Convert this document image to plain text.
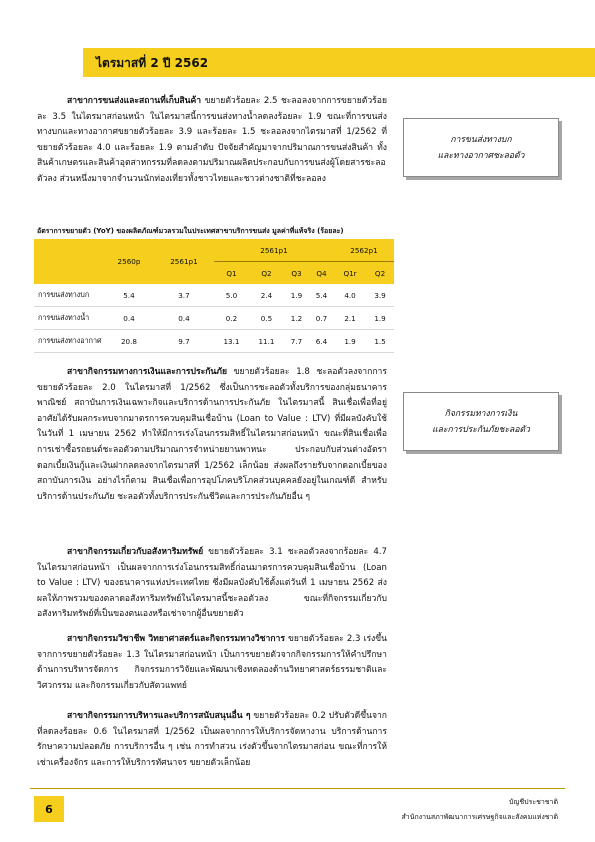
ไตรมาสที่ 2 ปี 2562

สาขาการขนส่งและสถานที่เก็บสินค้า ขยายตัวร้อยละ 2.5 ชะลอลงจากการขยายตัวร้อยละ 3.5 ในไตรมาสก่อนหน้า ในไตรมาสนี้การขนส่งทางน้ำลดลงร้อยละ 1.9 ขณะที่การขนส่งทางบกและทางอากาศขยายตัวร้อยละ 3.9 และร้อยละ 1.5 ชะลอลงจากไตรมาสที่ 1/2562 ที่ขยายตัวร้อยละ 4.0 และร้อยละ 1.9 ตามลำดับ ปัจจัยสำคัญมาจากปริมาณการขนส่งสินค้า ทั้งสินค้าเกษตรและสินค้าอุตสาหกรรมที่ลดลงตามปริมาณผลิตประกอบกับการขนส่งผู้โดยสารชะลอตัวลง ส่วนหนึ่งมาจากจำนวนนักท่องเที่ยวทั้งชาวไทยและชาวต่างชาติที่ชะลอลง

การขนส่งทางบก
และทางอากาศชะลอตัว
อัตราการขยายตัว (YoY) ของผลิตภัณฑ์มวลรวมในประเทศสาขาบริการขนส่ง มูลค่าที่แท้จริง (ร้อยละ)
	2560p	2561p1	2561p1				2562p1	
			Q1	Q2	Q3	Q4	Q1r	Q2
การขนส่งทางบก	5.4	3.7	5.0	2.4	1.9	5.4	4.0	3.9
การขนส่งทางน้ำ	0.4	0.4	0.2	0.5	1.2	0.7	2.1	1.9
การขนส่งทางอากาศ	20.8	9.7	13.1	11.1	7.7	6.4	1.9	1.5

สาขากิจกรรมทางการเงินและการประกันภัย ขยายตัวร้อยละ 1.8 ชะลอตัวลงจากการขยายตัวร้อยละ 2.0 ในไตรมาสที่ 1/2562 ซึ่งเป็นการชะลอตัวทั้งบริการของกลุ่มธนาคารพาณิชย์ สถาบันการเงินเฉพาะกิจและบริการด้านการประกันภัย ในไตรมาสนี้ สินเชื่อเพื่อที่อยู่อาศัยได้รับผลกระทบจากมาตรการควบคุมสินเชื่อบ้าน (Loan to Value : LTV) ที่มีผลบังคับใช้ในวันที่ 1 เมษายน 2562 ทำให้มีการเร่งโอนกรรมสิทธิ์ในไตรมาสก่อนหน้า ขณะที่สินเชื่อเพื่อการเช่าซื้อรถยนต์ชะลอตัวตามปริมาณการจำหน่ายยานพาหนะ ประกอบกับส่วนต่างอัตราดอกเบี้ยเงินกู้และเงินฝากลดลงจากไตรมาสที่ 1/2562 เล็กน้อย ส่งผลถึงรายรับจากดอกเบี้ยของสถาบันการเงิน อย่างไรก็ตาม สินเชื่อเพื่อการอุปโภคบริโภคส่วนบุคคลยังอยู่ในเกณฑ์ดี สำหรับบริการด้านประกันภัย ชะลอตัวทั้งบริการประกันชีวิตและการประกันภัยอื่น ๆ

กิจกรรมทางการเงิน
และการประกันภัยชะลอตัว

สาขากิจกรรมเกี่ยวกับอสังหาริมทรัพย์ ขยายตัวร้อยละ 3.1 ชะลอตัวลงจากร้อยละ 4.7 ในไตรมาสก่อนหน้า เป็นผลจากการเร่งโอนกรรมสิทธิ์ก่อนมาตรการควบคุมสินเชื่อบ้าน (Loan to Value : LTV) ของธนาคารแห่งประเทศไทย ซึ่งมีผลบังคับใช้ตั้งแต่วันที่ 1 เมษายน 2562 ส่งผลให้ภาพรวมของตลาดอสังหาริมทรัพย์ในไตรมาสนี้ชะลอตัวลง ขณะที่กิจกรรมเกี่ยวกับอสังหาริมทรัพย์ที่เป็นของตนเองหรือเช่าจากผู้อื่นขยายตัว

สาขากิจกรรมวิชาชีพ วิทยาศาสตร์และกิจกรรมทางวิชาการ ขยายตัวร้อยละ 2.3 เร่งขึ้นจากการขยายตัวร้อยละ 1.3 ในไตรมาสก่อนหน้า เป็นการขยายตัวจากกิจกรรมการให้คำปรึกษาด้านการบริหารจัดการ กิจกรรมการวิจัยและพัฒนาเชิงทดลองด้านวิทยาศาสตร์ธรรมชาติและวิศวกรรม และกิจกรรมเกี่ยวกับสัตวแพทย์

สาขากิจกรรมการบริหารและบริการสนับสนุนอื่น ๆ ขยายตัวร้อยละ 0.2 ปรับตัวดีขึ้นจากที่ลดลงร้อยละ 0.6 ในไตรมาสที่ 1/2562 เป็นผลจากการให้บริการจัดหางาน บริการด้านการรักษาความปลอดภัย การบริการอื่น ๆ เช่น การทำสวน เร่งตัวขึ้นจากไตรมาสก่อน ขณะที่การให้เช่าเครื่องจักร และการให้บริการทัศนาจร ขยายตัวเล็กน้อย

6
บัญชีประชาชาติ
สำนักงานสภาพัฒนาการเศรษฐกิจและสังคมแห่งชาติ
